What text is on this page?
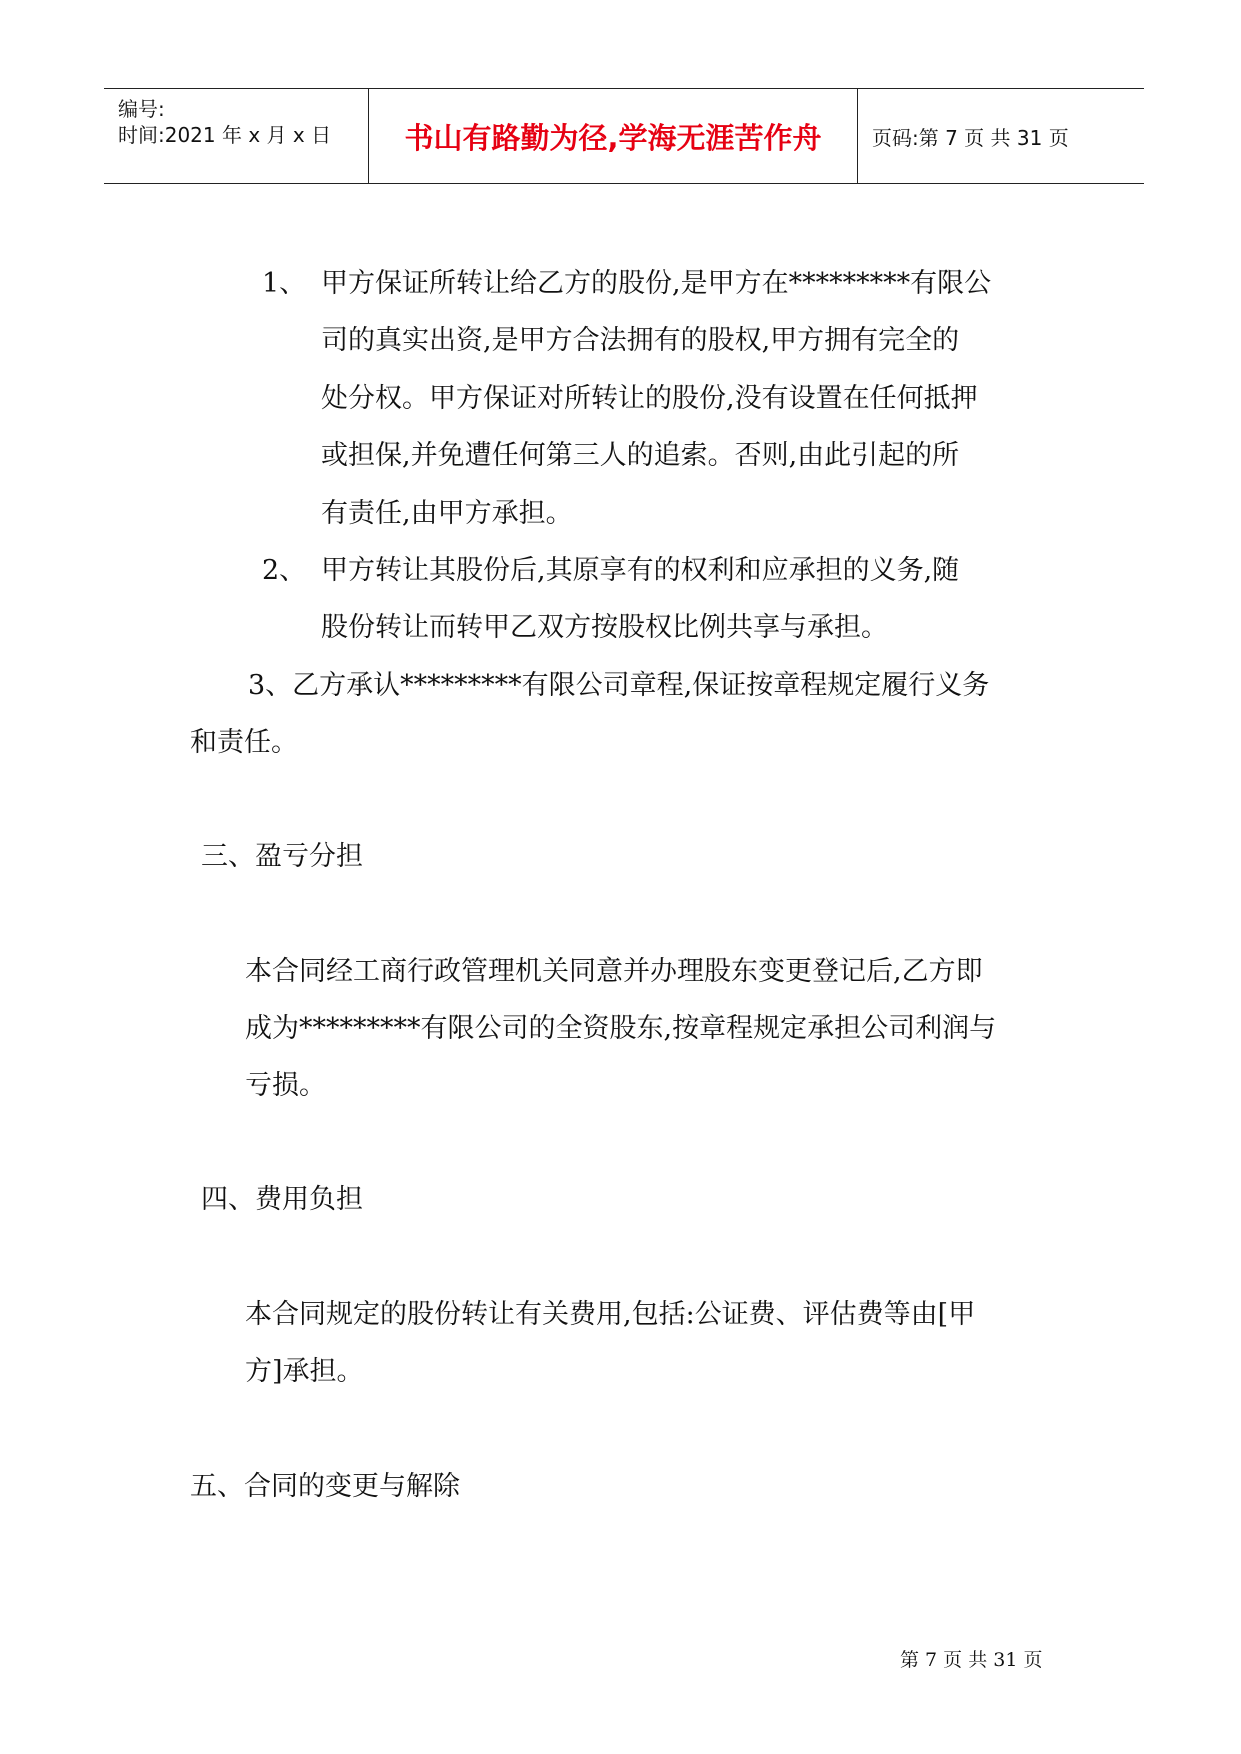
编号:
时间:2021 年 x 月 x 日	书山有路勤为径,学海无涯苦作舟	页码:第 7 页 共 31 页
1、 甲方保证所转让给乙方的股份,是甲方在*********有限公
司的真实出资,是甲方合法拥有的股权,甲方拥有完全的
处分权。甲方保证对所转让的股份,没有设置在任何抵押
或担保,并免遭任何第三人的追索。否则,由此引起的所
有责任,由甲方承担。
2、 甲方转让其股份后,其原享有的权利和应承担的义务,随
股份转让而转甲乙双方按股权比例共享与承担。
3、乙方承认*********有限公司章程,保证按章程规定履行义务
和责任。
三、盈亏分担
本合同经工商行政管理机关同意并办理股东变更登记后,乙方即
成为*********有限公司的全资股东,按章程规定承担公司利润与
亏损。
四、费用负担
本合同规定的股份转让有关费用,包括:公证费、评估费等由[甲
方]承担。
五、合同的变更与解除
第 7 页 共 31 页
